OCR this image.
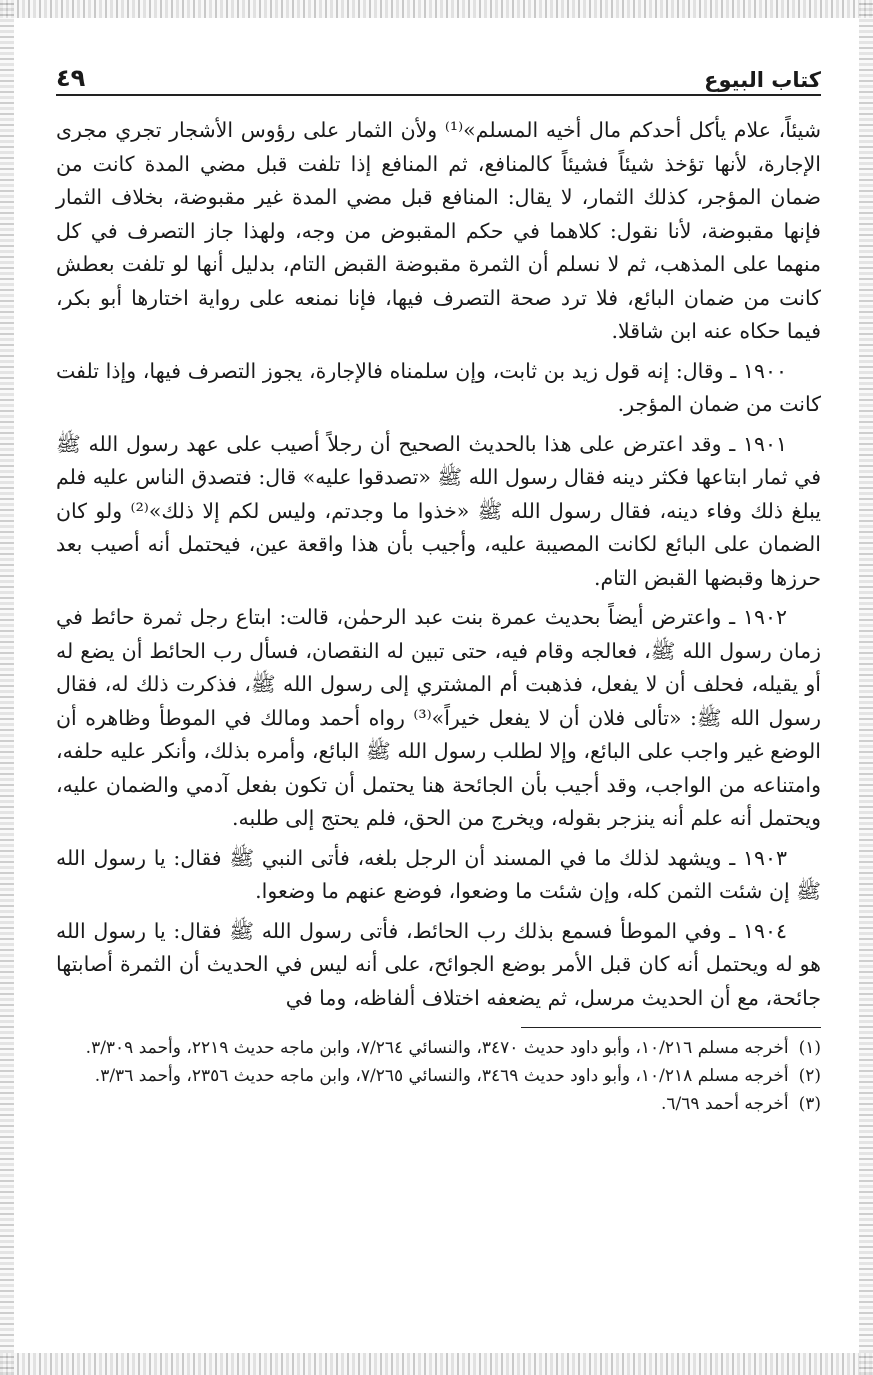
كتاب البيوع
٤٩

شيئاً، علام يأكل أحدكم مال أخيه المسلم»⁽¹⁾ ولأن الثمار على رؤوس الأشجار تجري مجرى الإجارة، لأنها تؤخذ شيئاً فشيئاً كالمنافع، ثم المنافع إذا تلفت قبل مضي المدة كانت من ضمان المؤجر، كذلك الثمار، لا يقال: المنافع قبل مضي المدة غير مقبوضة، بخلاف الثمار فإنها مقبوضة، لأنا نقول: كلاهما في حكم المقبوض من وجه، ولهذا جاز التصرف في كل منهما على المذهب، ثم لا نسلم أن الثمرة مقبوضة القبض التام، بدليل أنها لو تلفت بعطش كانت من ضمان البائع، فلا ترد صحة التصرف فيها، فإنا نمنعه على رواية اختارها أبو بكر، فيما حكاه عنه ابن شاقلا.

١٩٠٠ ـ وقال: إنه قول زيد بن ثابت، وإن سلمناه فالإجارة، يجوز التصرف فيها، وإذا تلفت كانت من ضمان المؤجر.

١٩٠١ ـ وقد اعترض على هذا بالحديث الصحيح أن رجلاً أصيب على عهد رسول الله ﷺ في ثمار ابتاعها فكثر دينه فقال رسول الله ﷺ «تصدقوا عليه» قال: فتصدق الناس عليه فلم يبلغ ذلك وفاء دينه، فقال رسول الله ﷺ «خذوا ما وجدتم، وليس لكم إلا ذلك»⁽²⁾ ولو كان الضمان على البائع لكانت المصيبة عليه، وأجيب بأن هذا واقعة عين، فيحتمل أنه أصيب بعد حرزها وقبضها القبض التام.

١٩٠٢ ـ واعترض أيضاً بحديث عمرة بنت عبد الرحمٰن، قالت: ابتاع رجل ثمرة حائط في زمان رسول الله ﷺ، فعالجه وقام فيه، حتى تبين له النقصان، فسأل رب الحائط أن يضع له أو يقيله، فحلف أن لا يفعل، فذهبت أم المشتري إلى رسول الله ﷺ، فذكرت ذلك له، فقال رسول الله ﷺ: «تألى فلان أن لا يفعل خيراً»⁽³⁾ رواه أحمد ومالك في الموطأ وظاهره أن الوضع غير واجب على البائع، وإلا لطلب رسول الله ﷺ البائع، وأمره بذلك، وأنكر عليه حلفه، وامتناعه من الواجب، وقد أجيب بأن الجائحة هنا يحتمل أن تكون بفعل آدمي والضمان عليه، ويحتمل أنه علم أنه ينزجر بقوله، ويخرج من الحق، فلم يحتج إلى طلبه.

١٩٠٣ ـ ويشهد لذلك ما في المسند أن الرجل بلغه، فأتى النبي ﷺ فقال: يا رسول الله ﷺ إن شئت الثمن كله، وإن شئت ما وضعوا، فوضع عنهم ما وضعوا.

١٩٠٤ ـ وفي الموطأ فسمع بذلك رب الحائط، فأتى رسول الله ﷺ فقال: يا رسول الله هو له ويحتمل أنه كان قبل الأمر بوضع الجوائح، على أنه ليس في الحديث أن الثمرة أصابتها جائحة، مع أن الحديث مرسل، ثم يضعفه اختلاف ألفاظه، وما في

(١)
أخرجه مسلم ١٠/٢١٦، وأبو داود حديث ٣٤٧٠، والنسائي ٧/٢٦٤، وابن ماجه حديث ٢٢١٩، وأحمد ٣/٣٠٩.
(٢)
أخرجه مسلم ١٠/٢١٨، وأبو داود حديث ٣٤٦٩، والنسائي ٧/٢٦٥، وابن ماجه حديث ٢٣٥٦، وأحمد ٣/٣٦.
(٣)
أخرجه أحمد ٦/٦٩.
